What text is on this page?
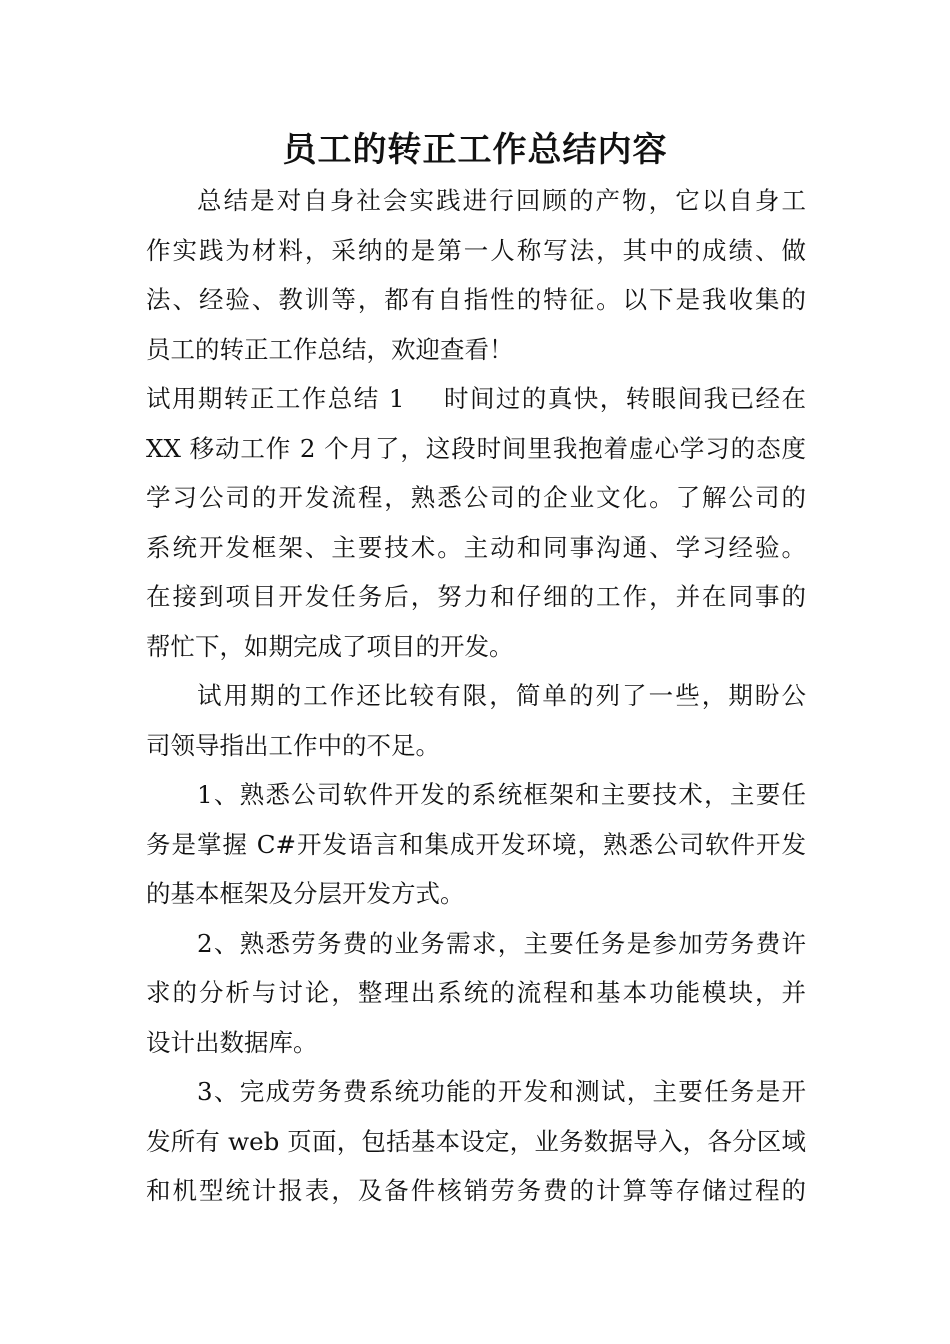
员工的转正工作总结内容
总结是对自身社会实践进行回顾的产物，它以自身工
作实践为材料，采纳的是第一人称写法，其中的成绩、做
法、经验、教训等，都有自指性的特征。以下是我收集的
员工的转正工作总结，欢迎查看！
试用期转正工作总结 1 时间过的真快，转眼间我已经在
XX 移动工作 2 个月了，这段时间里我抱着虚心学习的态度
学习公司的开发流程，熟悉公司的企业文化。了解公司的
系统开发框架、主要技术。主动和同事沟通、学习经验。
在接到项目开发任务后，努力和仔细的工作，并在同事的
帮忙下，如期完成了项目的开发。
试用期的工作还比较有限，简单的列了一些，期盼公
司领导指出工作中的不足。
1、熟悉公司软件开发的系统框架和主要技术，主要任
务是掌握 C#开发语言和集成开发环境，熟悉公司软件开发
的基本框架及分层开发方式。
2、熟悉劳务费的业务需求，主要任务是参加劳务费许
求的分析与讨论，整理出系统的流程和基本功能模块，并
设计出数据库。
3、完成劳务费系统功能的开发和测试，主要任务是开
发所有 web 页面，包括基本设定，业务数据导入，各分区域
和机型统计报表，及备件核销劳务费的计算等存储过程的
